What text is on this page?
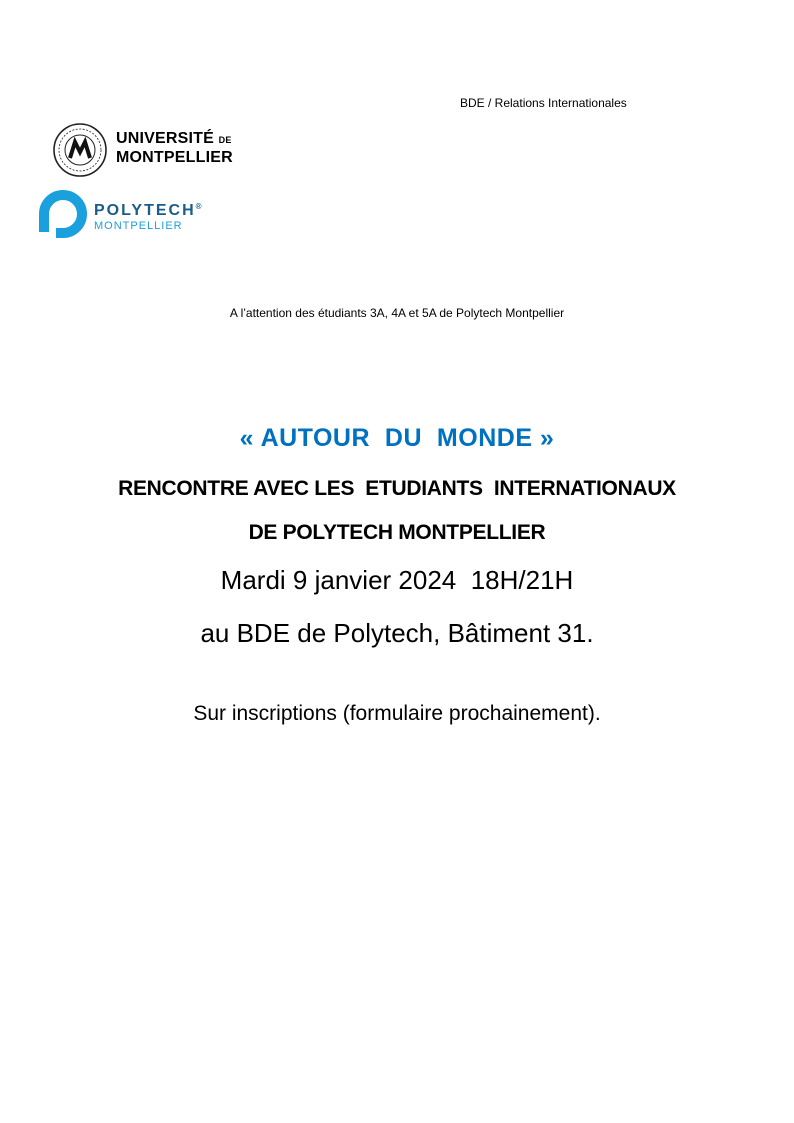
BDE / Relations Internationales
UNIVERSITÉ DE
MONTPELLIER
POLYTECH®
MONTPELLIER
A l’attention des étudiants 3A, 4A et 5A de Polytech Montpellier
« AUTOUR  DU  MONDE »
RENCONTRE AVEC LES  ETUDIANTS  INTERNATIONAUX
DE POLYTECH MONTPELLIER
Mardi 9 janvier 2024  18H/21H
au BDE de Polytech, Bâtiment 31.
Sur inscriptions (formulaire prochainement).
